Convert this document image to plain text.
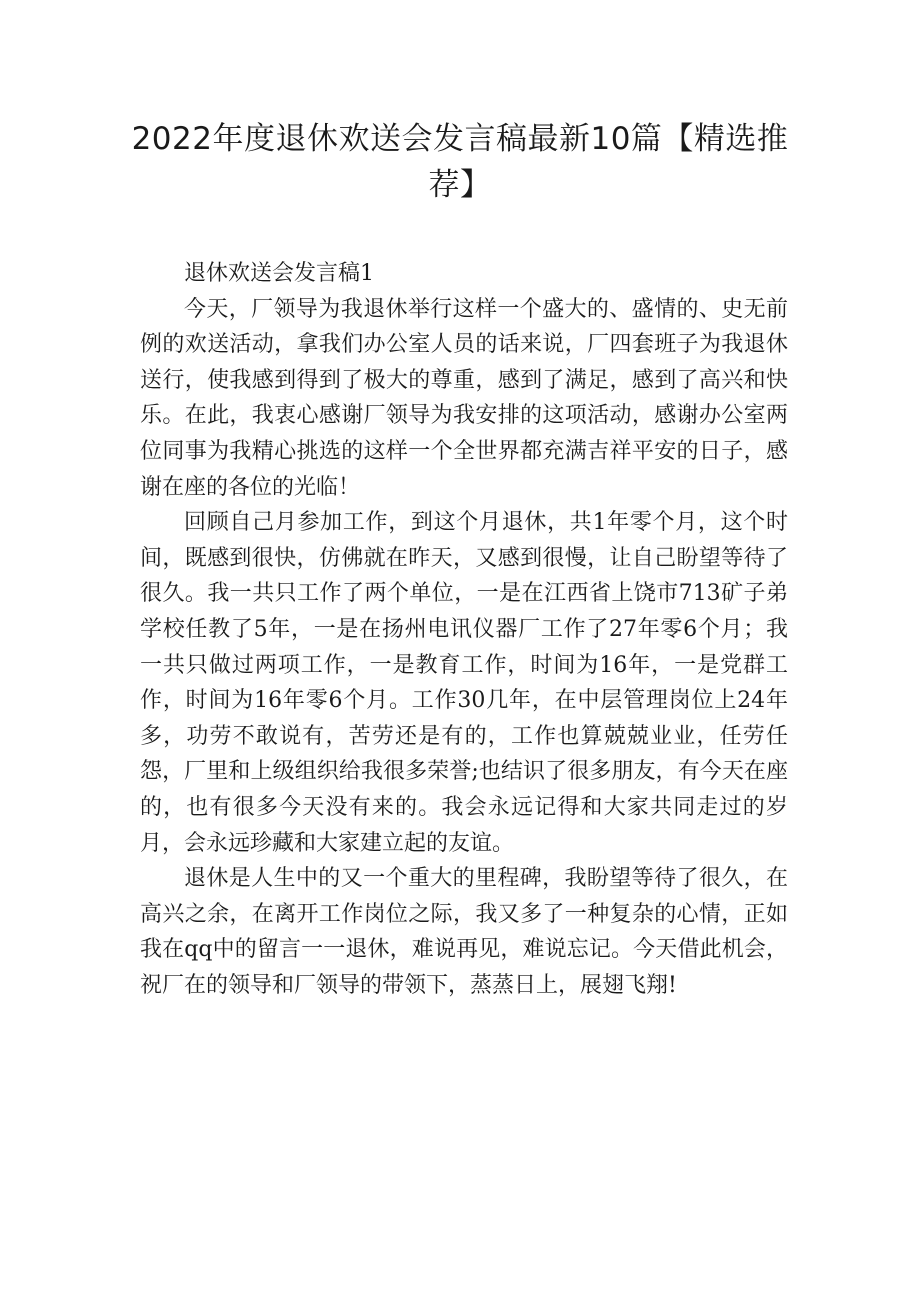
2022年度退休欢送会发言稿最新10篇【精选推荐】

退休欢送会发言稿1

今天，厂领导为我退休举行这样一个盛大的、盛情的、史无前例的欢送活动，拿我们办公室人员的话来说，厂四套班子为我退休送行，使我感到得到了极大的尊重，感到了满足，感到了高兴和快乐。在此，我衷心感谢厂领导为我安排的这项活动，感谢办公室两位同事为我精心挑选的这样一个全世界都充满吉祥平安的日子，感谢在座的各位的光临！

回顾自己月参加工作，到这个月退休，共1年零个月，这个时间，既感到很快，仿佛就在昨天，又感到很慢，让自己盼望等待了很久。我一共只工作了两个单位，一是在江西省上饶市713矿子弟学校任教了5年，一是在扬州电讯仪器厂工作了27年零6个月；我一共只做过两项工作，一是教育工作，时间为16年，一是党群工作，时间为16年零6个月。工作30几年，在中层管理岗位上24年多，功劳不敢说有，苦劳还是有的，工作也算兢兢业业，任劳任怨，厂里和上级组织给我很多荣誉;也结识了很多朋友，有今天在座的，也有很多今天没有来的。我会永远记得和大家共同走过的岁月，会永远珍藏和大家建立起的友谊。

退休是人生中的又一个重大的里程碑，我盼望等待了很久，在高兴之余，在离开工作岗位之际，我又多了一种复杂的心情，正如我在qq中的留言一一退休，难说再见，难说忘记。今天借此机会，祝厂在的领导和厂领导的带领下，蒸蒸日上，展翅飞翔!
